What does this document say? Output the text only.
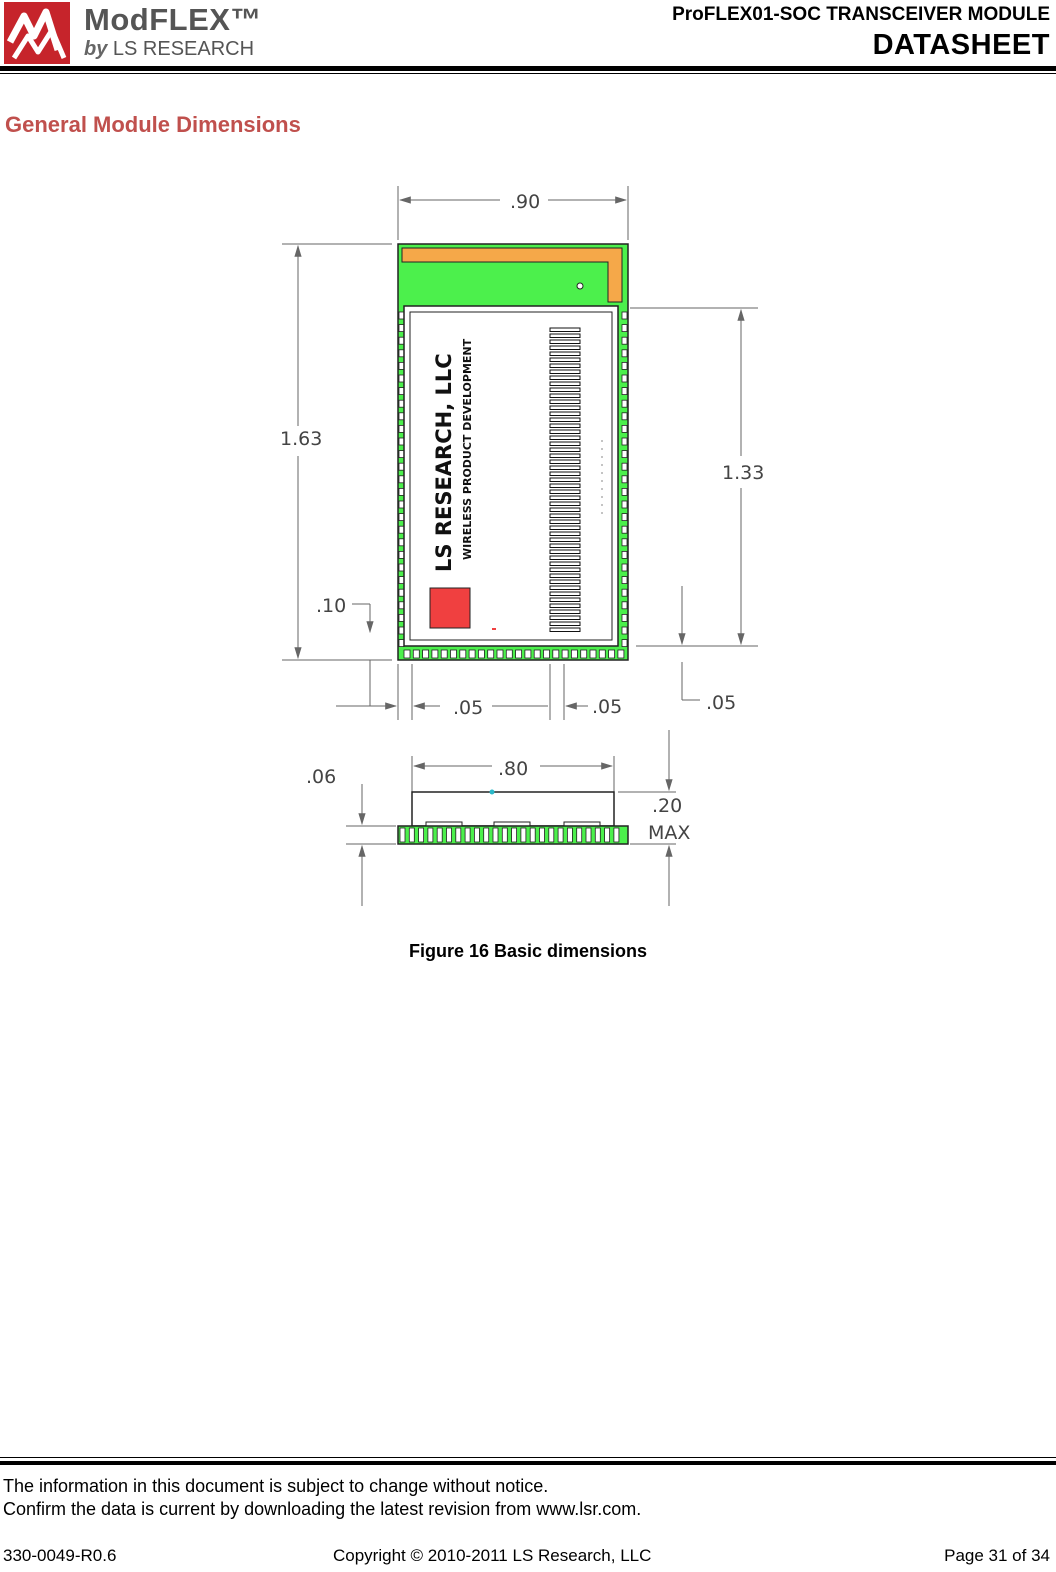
ModFLEX™
by LS RESEARCH
ProFLEX01-SOC TRANSCEIVER MODULE
DATASHEET
General Module Dimensions
LS RESEARCH, LLC WIRELESS PRODUCT DEVELOPMENT
.90
1.63
1.33
.10
.05	.05	.05
.80
.06
.20
MAX
Figure 16 Basic dimensions
The information in this document is subject to change without notice.
Confirm the data is current by downloading the latest revision from www.lsr.com.
330-0049-R0.6	Copyright © 2010-2011 LS Research, LLC	Page 31 of 34
